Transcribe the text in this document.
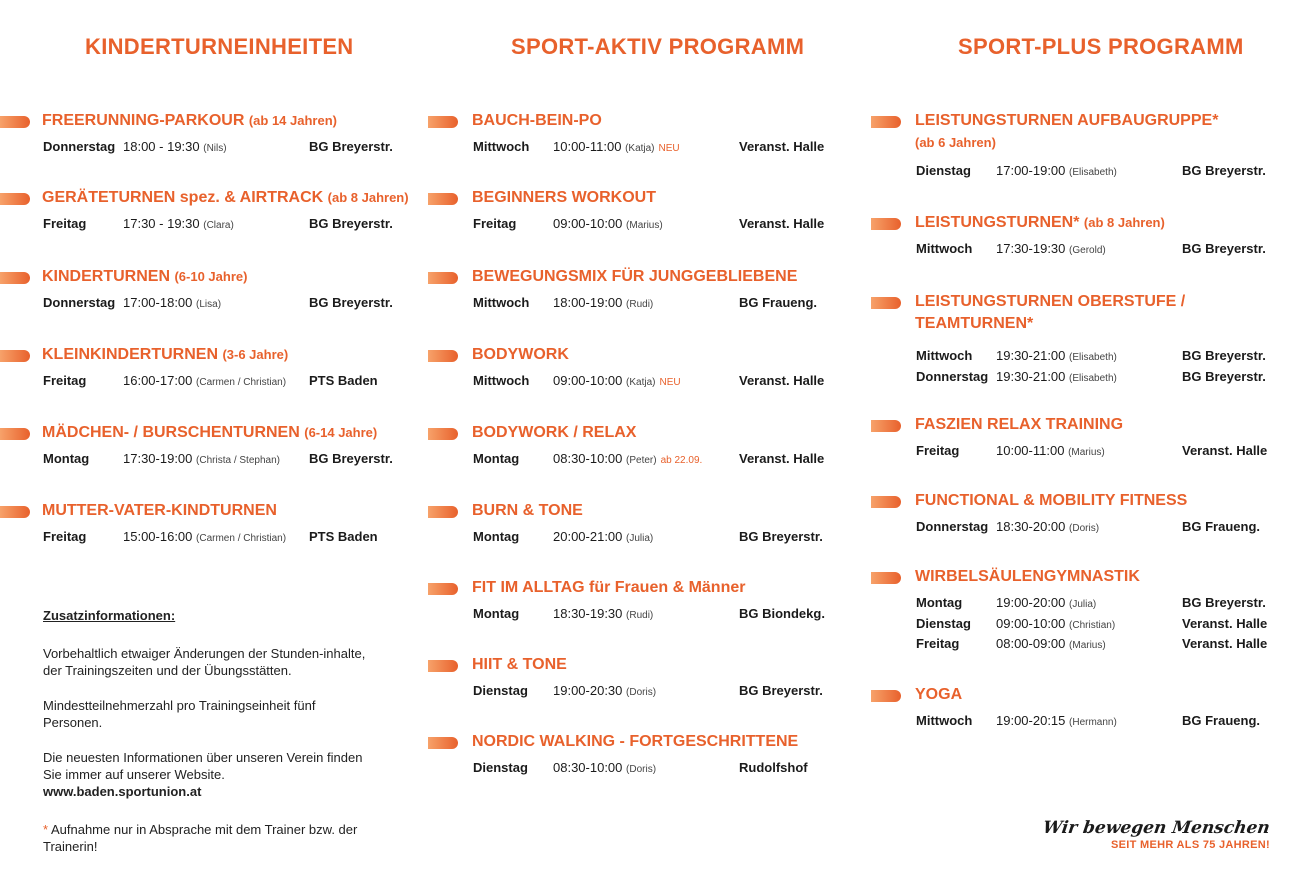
KINDERTURNEINHEITEN	SPORT-AKTIV PROGRAMM	SPORT-PLUS PROGRAMM
FREERUNNING-PARKOUR (ab 14 Jahren)
Donnerstag 18:00 - 19:30 (Nils)	BG Breyerstr.
GERÄTETURNEN spez. & AIRTRACK (ab 8 Jahren)
Freitag	17:30 - 19:30 (Clara)	BG Breyerstr.
KINDERTURNEN (6-10 Jahre)
Donnerstag 17:00-18:00 (Lisa)	BG Breyerstr.
KLEINKINDERTURNEN (3-6 Jahre)
Freitag	16:00-17:00 (Carmen / Christian) PTS Baden
MÄDCHEN- / BURSCHENTURNEN (6-14 Jahre)
Montag	17:30-19:00 (Christa / Stephan) BG Breyerstr.
MUTTER-VATER-KINDTURNEN
Freitag	15:00-16:00 (Carmen / Christian) PTS Baden
BAUCH-BEIN-PO
Mittwoch 10:00-11:00 (Katja) NEU	Veranst. Halle
BEGINNERS WORKOUT
Freitag	09:00-10:00 (Marius)	Veranst. Halle
BEWEGUNGSMIX FÜR JUNGGEBLIEBENE
Mittwoch 18:00-19:00 (Rudi)	BG Fraueng.
BODYWORK
Mittwoch 09:00-10:00 (Katja) NEU	Veranst. Halle
BODYWORK / RELAX
Montag	08:30-10:00 (Peter) ab 22.09.	Veranst. Halle
BURN & TONE
Montag	20:00-21:00 (Julia)	BG Breyerstr.
FIT IM ALLTAG für Frauen & Männer
Montag	18:30-19:30 (Rudi)	BG Biondekg.
HIIT & TONE
Dienstag 19:00-20:30 (Doris)	BG Breyerstr.
NORDIC WALKING - FORTGESCHRITTENE
Dienstag 08:30-10:00 (Doris)	Rudolfshof
LEISTUNGSTURNEN AUFBAUGRUPPE*
(ab 6 Jahren)
Dienstag 17:00-19:00 (Elisabeth)	BG Breyerstr.
LEISTUNGSTURNEN* (ab 8 Jahren)
Mittwoch 17:30-19:30 (Gerold)	BG Breyerstr.
LEISTUNGSTURNEN OBERSTUFE /
TEAMTURNEN*
Mittwoch 19:30-21:00 (Elisabeth)	BG Breyerstr.
Donnerstag 19:30-21:00 (Elisabeth)	BG Breyerstr.
FASZIEN RELAX TRAINING
Freitag	10:00-11:00 (Marius)	Veranst. Halle
FUNCTIONAL & MOBILITY FITNESS
Donnerstag 18:30-20:00 (Doris)	BG Fraueng.
WIRBELSÄULENGYMNASTIK
Montag	19:00-20:00 (Julia)	BG Breyerstr.
Dienstag 09:00-10:00 (Christian)	Veranst. Halle
Freitag	08:00-09:00 (Marius)	Veranst. Halle
YOGA
Mittwoch 19:00-20:15 (Hermann)	BG Fraueng.
Zusatzinformationen:
Vorbehaltlich etwaiger Änderungen der Stunden-inhalte, der Trainingszeiten und der Übungsstätten.
Mindestteilnehmerzahl pro Trainingseinheit fünf Personen.
Die neuesten Informationen über unseren Verein finden Sie immer auf unserer Website.
www.baden.sportunion.at
* Aufnahme nur in Absprache mit dem Trainer bzw. der Trainerin!
Wir bewegen Menschen
SEIT MEHR ALS 75 JAHREN!
